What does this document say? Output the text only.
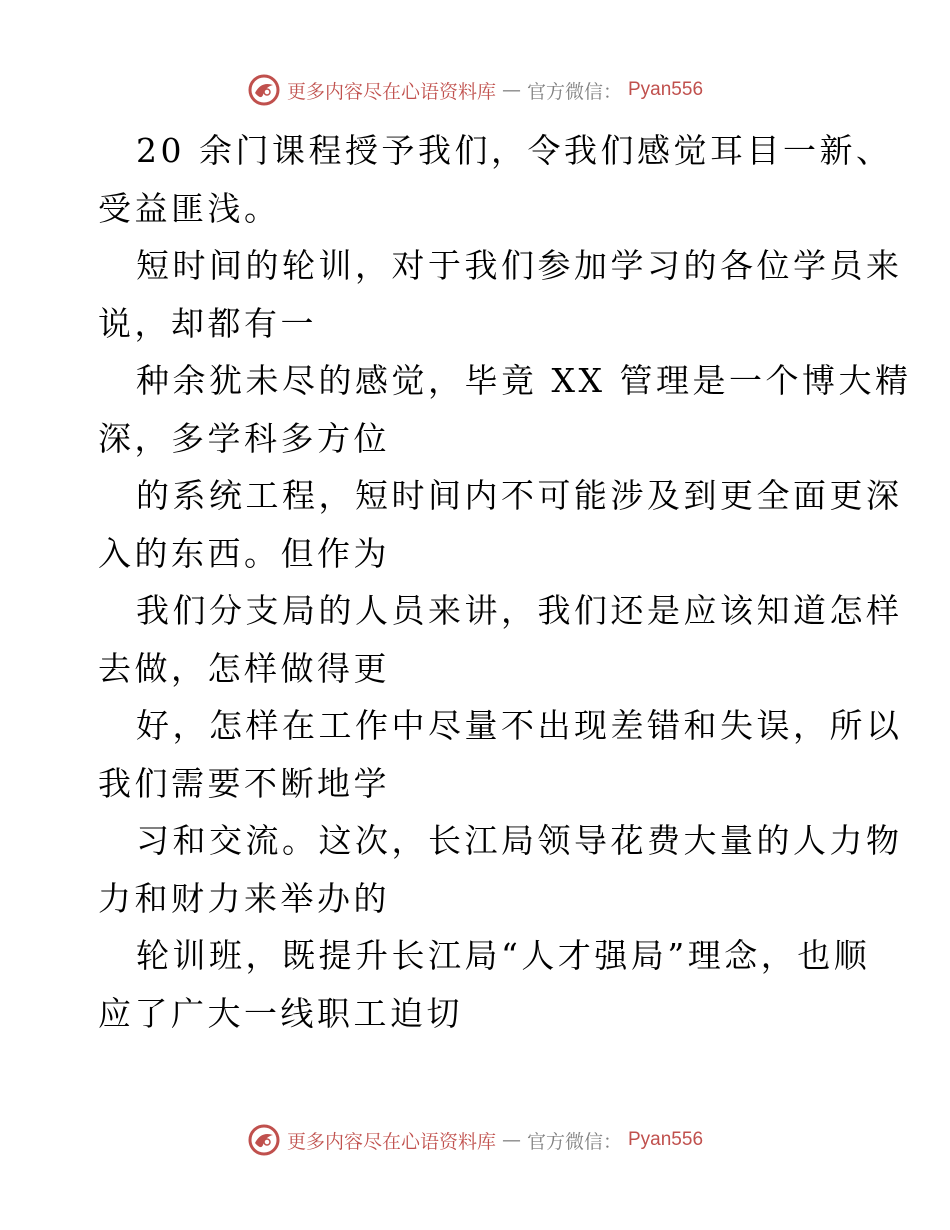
更多内容尽在心语资料库 — 官方微信： Pyan556
20 余门课程授予我们，令我们感觉耳目一新、
受益匪浅。
短时间的轮训，对于我们参加学习的各位学员来
说，却都有一
种余犹未尽的感觉，毕竟 XX 管理是一个博大精
深，多学科多方位
的系统工程，短时间内不可能涉及到更全面更深
入的东西。但作为
我们分支局的人员来讲，我们还是应该知道怎样
去做，怎样做得更
好，怎样在工作中尽量不出现差错和失误，所以
我们需要不断地学
习和交流。这次，长江局领导花费大量的人力物
力和财力来举办的
轮训班，既提升长江局“人才强局”理念，也顺
应了广大一线职工迫切
更多内容尽在心语资料库 — 官方微信： Pyan556
